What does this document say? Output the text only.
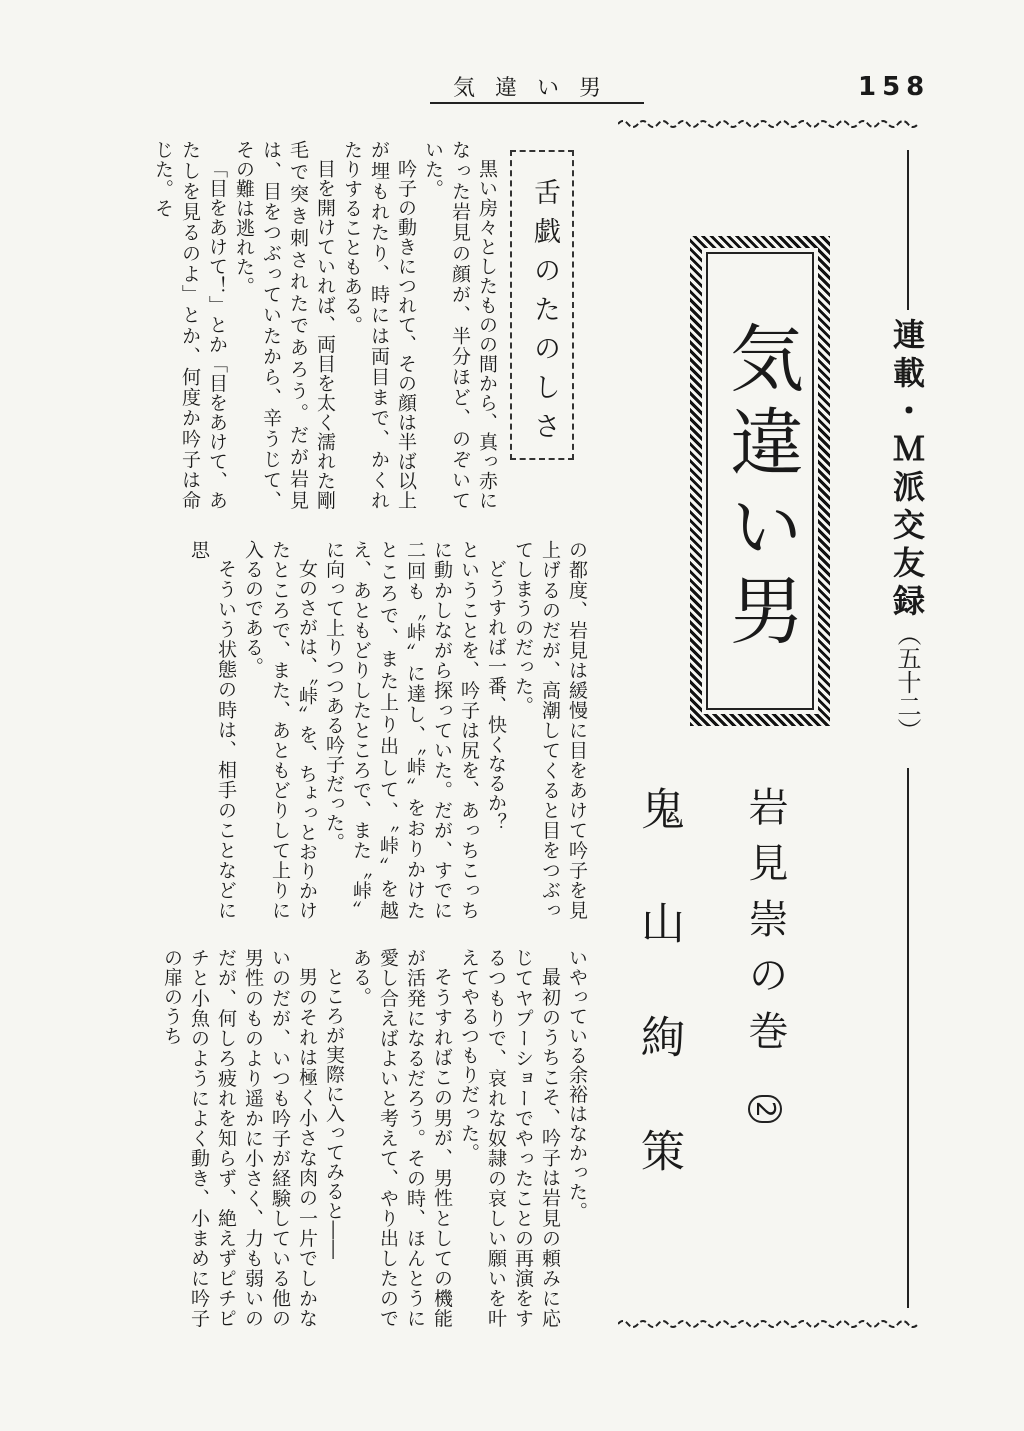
気違い男	158
連載・Ｍ派交友録（五十二）
気違い男
岩見崇の巻 2
鬼山絢策
舌戯のたのしさ

黒い房々としたものの間から、真っ赤になった岩見の顔が、半分ほど、のぞいていた。

吟子の動きにつれて、その顔は半ば以上が埋もれたり、時には両目まで、かくれたりすることもある。

目を開けていれば、両目を太く濡れた剛毛で突き刺されたであろう。だが岩見は、目をつぶっていたから、辛うじて、その難は逃れた。

「目をあけて！」とか「目をあけて、あたしを見るのよ」とか、何度か吟子は命じた。そ

の都度、岩見は緩慢に目をあけて吟子を見上げるのだが、高潮してくると目をつぶってしまうのだった。

どうすれば一番、快くなるか？

ということを、吟子は尻を、あっちこっちに動かしながら探っていた。だが、すでに二回も〝峠〟に達し、〝峠〟をおりかけたところで、また上り出して、〝峠〟を越え、あともどりしたところで、また〝峠〟に向って上りつつある吟子だった。

女のさがは、〝峠〟を、ちょっとおりかけたところで、また、あともどりして上りに入るのである。

そういう状態の時は、相手のことなどに思

いやっている余裕はなかった。

最初のうちこそ、吟子は岩見の頼みに応じてヤプーショーでやったことの再演をするつもりで、哀れな奴隷の哀しい願いを叶えてやるつもりだった。

そうすればこの男が、男性としての機能が活発になるだろう。その時、ほんとうに愛し合えばよいと考えて、やり出したのである。

ところが実際に入ってみると――

男のそれは極く小さな肉の一片でしかないのだが、いつも吟子が経験している他の男性のものより遥かに小さく、力も弱いのだが、何しろ疲れを知らず、絶えずピチピチと小魚のようによく動き、小まめに吟子の扉のうち
